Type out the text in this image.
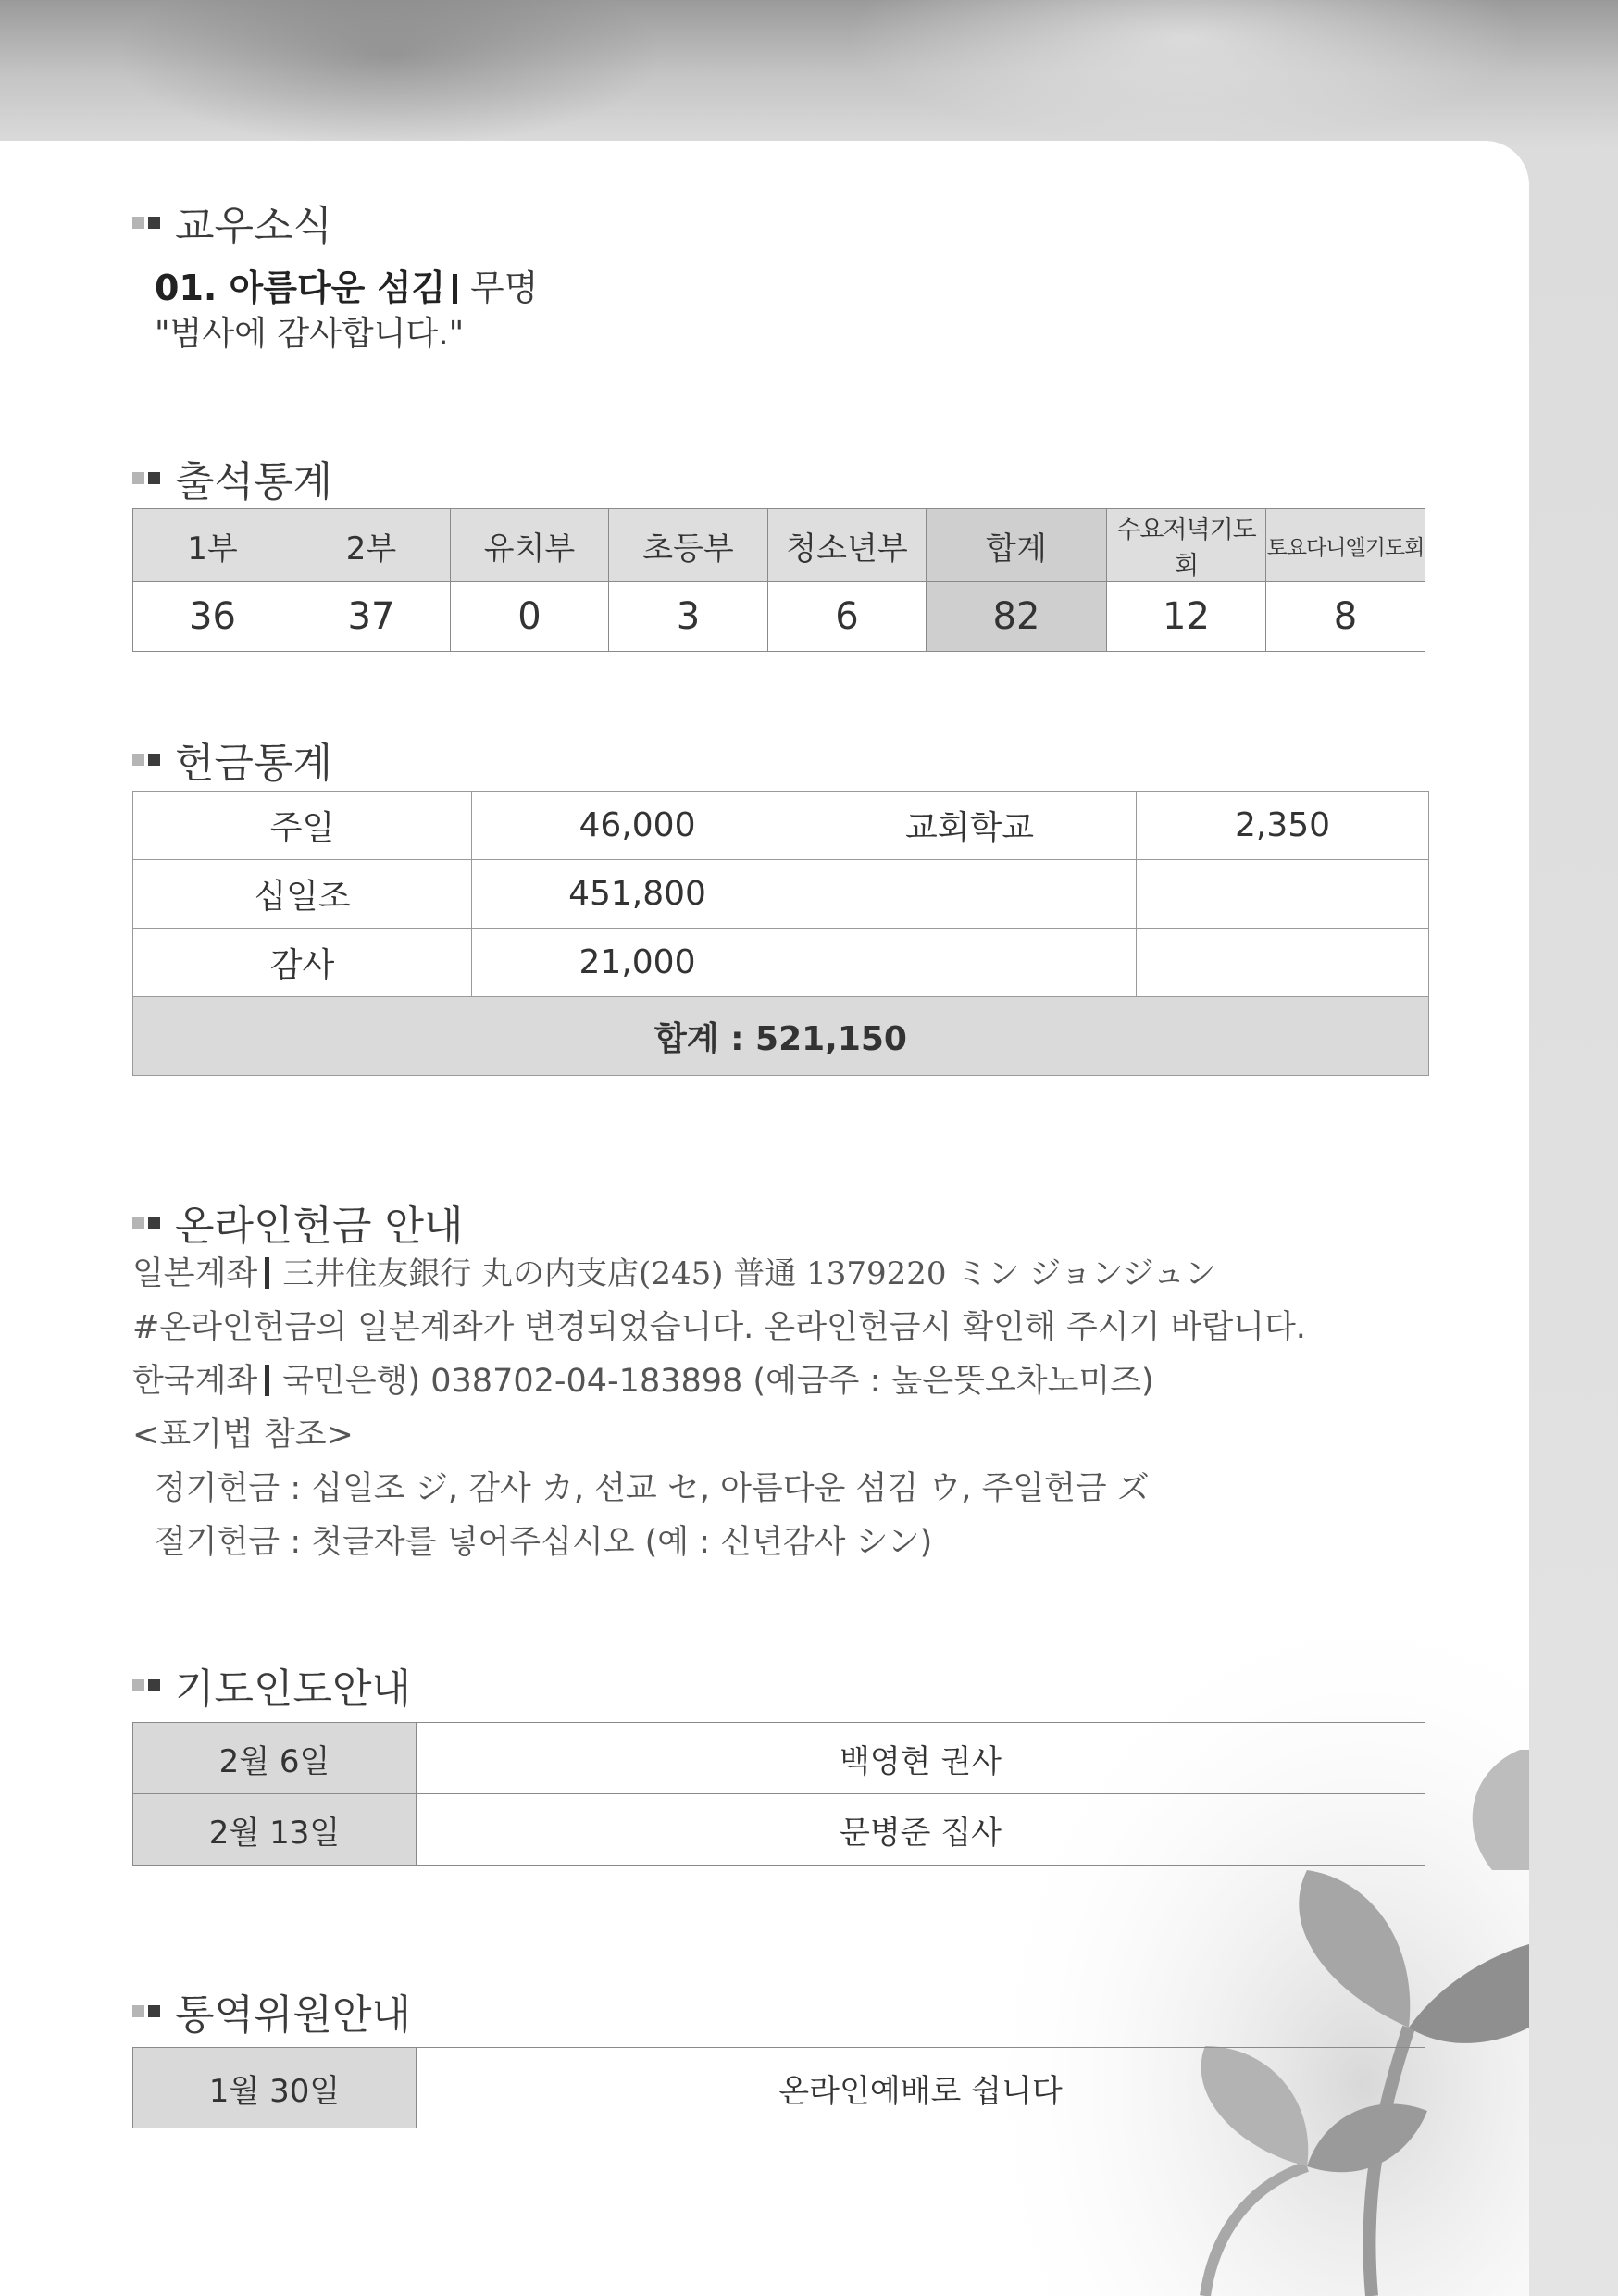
교우소식
01. 아름다운 섬김 무명
"범사에 감사합니다."
출석통계
1부	2부	유치부	초등부	청소년부	합계	수요저녁기도회	토요다니엘기도회
36	37	0	3	6	82	12	8
헌금통계
주일	46,000	교회학교	2,350
십일조	451,800		
감사	21,000		
합계 : 521,150			
온라인헌금 안내
일본계좌 三井住友銀行 丸の内支店(245) 普通 1379220 ミン ジョンジュン
#온라인헌금의 일본계좌가 변경되었습니다. 온라인헌금시 확인해 주시기 바랍니다.
한국계좌 국민은행) 038702-04-183898 (예금주 : 높은뜻오차노미즈)
<표기법 참조>
정기헌금 : 십일조 ジ, 감사 カ, 선교 セ, 아름다운 섬김 ウ, 주일헌금 ズ
절기헌금 : 첫글자를 넣어주십시오 (예 : 신년감사 シン)
기도인도안내
2월 6일	백영현 권사
2월 13일	문병준 집사
통역위원안내
1월 30일	온라인예배로 쉽니다
